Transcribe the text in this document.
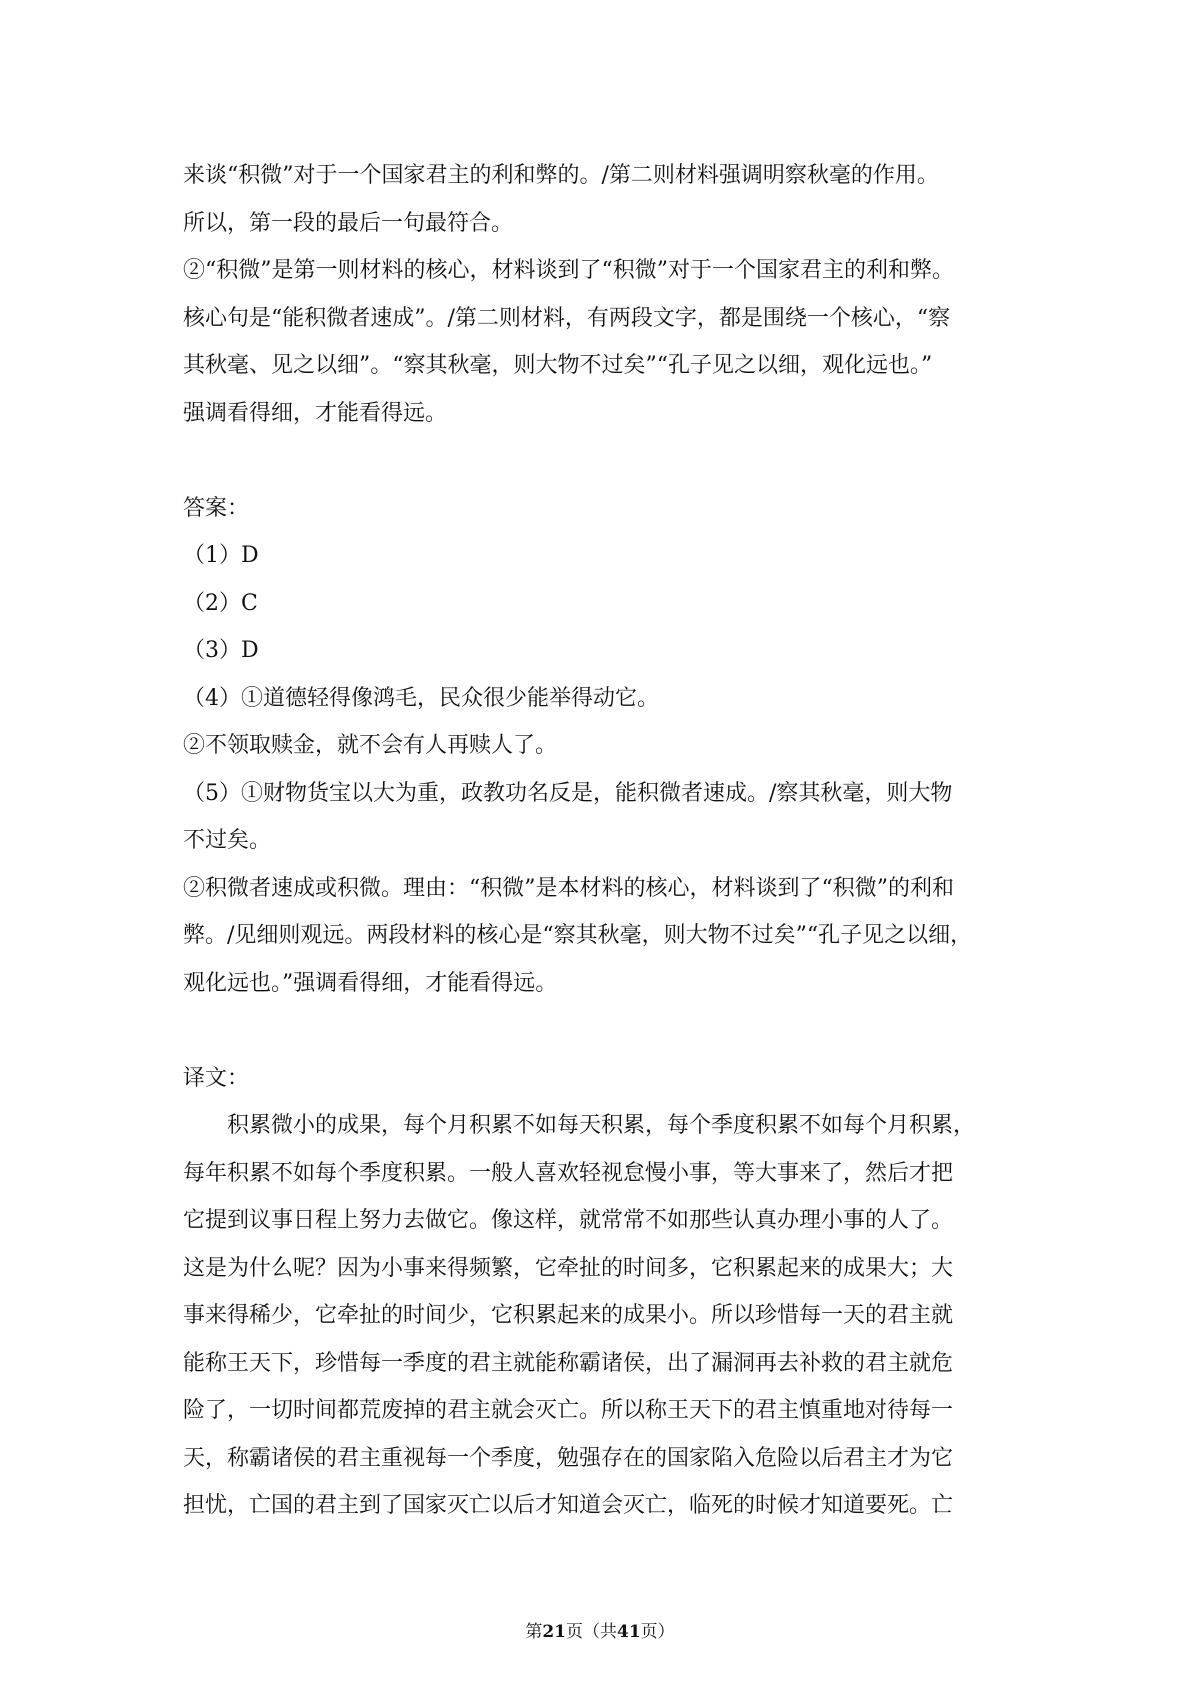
来谈“积微”对于一个国家君主的利和弊的。/第二则材料强调明察秋毫的作用。
所以，第一段的最后一句最符合。
②“积微”是第一则材料的核心，材料谈到了“积微”对于一个国家君主的利和弊。
核心句是“能积微者速成”。/第二则材料，有两段文字，都是围绕一个核心，“察
其秋毫、见之以细”。“察其秋毫，则大物不过矣”“孔子见之以细，观化远也。”
强调看得细，才能看得远。
答案：
（1）D
（2）C
（3）D
（4）①道德轻得像鸿毛，民众很少能举得动它。
②不领取赎金，就不会有人再赎人了。
（5）①财物货宝以大为重，政教功名反是，能积微者速成。/察其秋毫，则大物
不过矣。
②积微者速成或积微。理由：“积微”是本材料的核心，材料谈到了“积微”的利和
弊。/见细则观远。两段材料的核心是“察其秋毫，则大物不过矣”“孔子见之以细，
观化远也。”强调看得细，才能看得远。
译文：
积累微小的成果，每个月积累不如每天积累，每个季度积累不如每个月积累，
每年积累不如每个季度积累。一般人喜欢轻视怠慢小事，等大事来了，然后才把
它提到议事日程上努力去做它。像这样，就常常不如那些认真办理小事的人了。
这是为什么呢？因为小事来得频繁，它牵扯的时间多，它积累起来的成果大；大
事来得稀少，它牵扯的时间少，它积累起来的成果小。所以珍惜每一天的君主就
能称王天下，珍惜每一季度的君主就能称霸诸侯，出了漏洞再去补救的君主就危
险了，一切时间都荒废掉的君主就会灭亡。所以称王天下的君主慎重地对待每一
天，称霸诸侯的君主重视每一个季度，勉强存在的国家陷入危险以后君主才为它
担忧，亡国的君主到了国家灭亡以后才知道会灭亡，临死的时候才知道要死。亡
第21页（共41页）
